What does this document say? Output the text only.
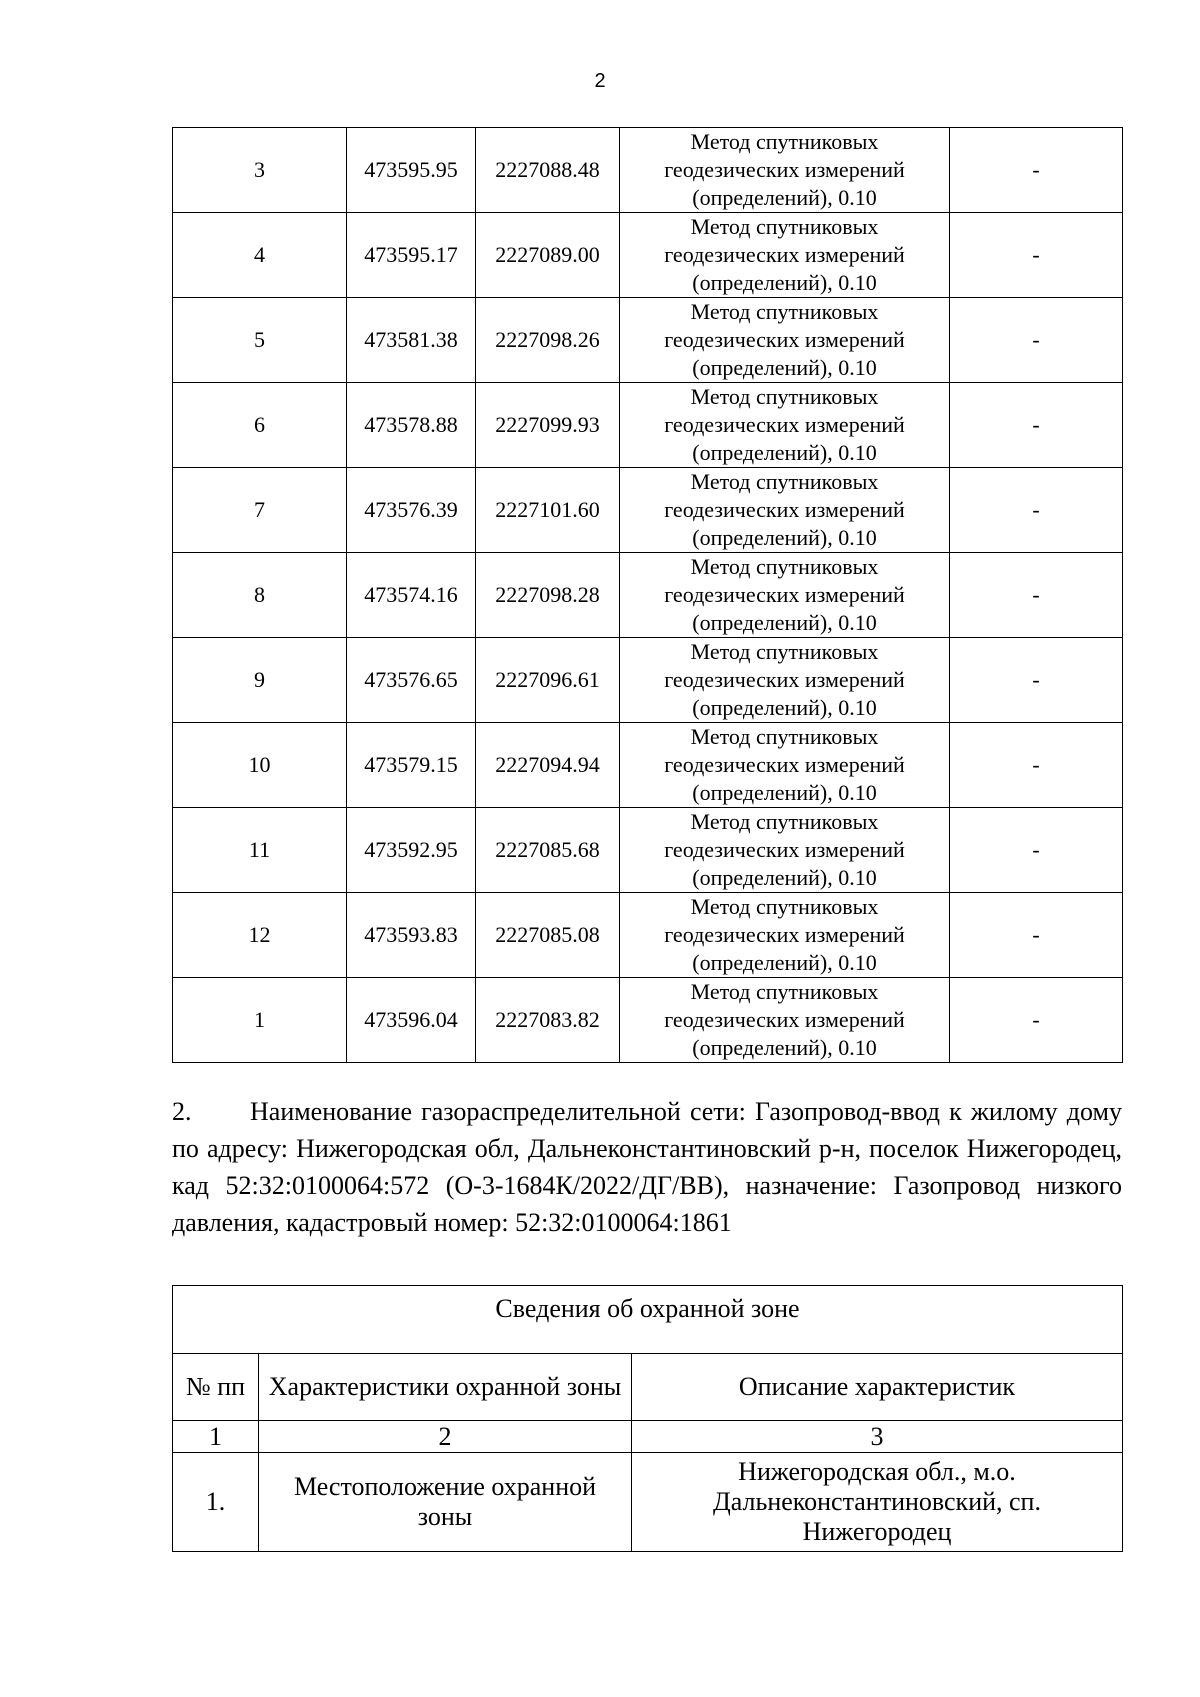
2
3	473595.95	2227088.48	Метод спутниковых
геодезических измерений
(определений), 0.10	-
4	473595.17	2227089.00	Метод спутниковых
геодезических измерений
(определений), 0.10	-
5	473581.38	2227098.26	Метод спутниковых
геодезических измерений
(определений), 0.10	-
6	473578.88	2227099.93	Метод спутниковых
геодезических измерений
(определений), 0.10	-
7	473576.39	2227101.60	Метод спутниковых
геодезических измерений
(определений), 0.10	-
8	473574.16	2227098.28	Метод спутниковых
геодезических измерений
(определений), 0.10	-
9	473576.65	2227096.61	Метод спутниковых
геодезических измерений
(определений), 0.10	-
10	473579.15	2227094.94	Метод спутниковых
геодезических измерений
(определений), 0.10	-
11	473592.95	2227085.68	Метод спутниковых
геодезических измерений
(определений), 0.10	-
12	473593.83	2227085.08	Метод спутниковых
геодезических измерений
(определений), 0.10	-
1	473596.04	2227083.82	Метод спутниковых
геодезических измерений
(определений), 0.10	-
2. Наименование газораспределительной сети: Газопровод-ввод к жилому дому по адресу: Нижегородская обл, Дальнеконстантиновский р-н, поселок Нижегородец, кад 52:32:0100064:572 (О-3-1684К/2022/ДГ/ВВ), назначение: Газопровод низкого давления, кадастровый номер: 52:32:0100064:1861
Сведения об охранной зоне		
№ пп	Характеристики охранной зоны	Описание характеристик
1	2	3
1.	Местоположение охранной зоны	Нижегородская обл., м.о. Дальнеконстантиновский, сп. Нижегородец
